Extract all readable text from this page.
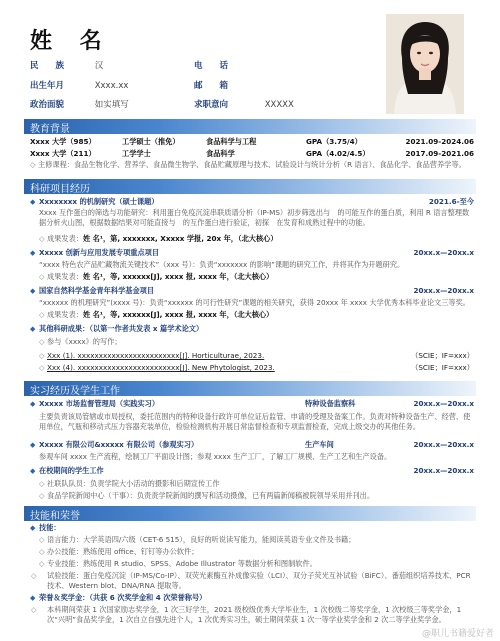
姓 名
民　　族	汉
出生年月	Xxxx.xx
政治面貌	如实填写
电　　话
邮　　箱
求职意向	XXXXX
教育背景
Xxxx 大学（985）	工学硕士（推免）	食品科学与工程	GPA（3.75/4）	2021.09-2024.06
Xxxx 大学（211）	工学学士	食品科学	GPA（4.02/4.5）	2017.09-2021.06
◇ 主修课程：食品生物化学、营养学、食品微生物学、食品贮藏原理与技术、试验设计与统计分析（R 语言）、食品化学、食品营养学等。
科研项目经历
◆ Xxxxxxxx 的机制研究（硕士课题）	2021.6-至今
Xxxx 互作蛋白的筛选与功能研究：利用蛋白免疫沉淀串联质谱分析（IP-MS）初步筛选出与　的可能互作的蛋白质，利用 R 语言整理数据分析火山图，根据数据结果对可能直接与　的互作蛋白进行验证，初探　在发育和成熟过程中的功能。
◇ 成果发表：姓 名¹，第, xxxxxxx, Xxxxx 学报, 20x 年，（北大核心）
◆ Xxxxx 创新与应用发展专项重点项目	20xx.x—20xx.x
“xxxx 特色农产品贮藏物流关键技术”（xxx 号）：负责“xxxxxxx 的影响”课题的研究工作，并将其作为开题研究。
◇ 成果发表：姓 名¹，等, xxxxxx[J], xxxx 报, xxxx 年，（北大核心）
◆ 国家自然科学基金青年科学基金项目	20xx.x—20xx.x
“xxxxxx 的机理研究”(xxxx 号)：负责“xxxxxx 的可行性研究”课题的相关研究，获得 20xxx 年 xxxx 大学优秀本科毕业论文三等奖。
◇ 成果发表：姓 名¹，等, xxxxxx[J], xxxx 报, xxxx 年，（北大核心）
◆ 其他科研成果：（以第一作者共发表 x 篇学术论文）
◇ 参与《xxxx》的写作；
◇ Xxx (1). xxxxxxxxxxxxxxxxxxxxxxxx[J]. Horticulturae, 2023.	（SCIE；IF=xxx）
◇ Xxx (4). xxxxxxxxxxxxxxxxxxxxxxxx[J]. New Phytologist, 2023.	（SCIE；IF=xxx）
实习经历及学生工作
◆ Xxxxx 市场监督管理局（实践实习）	特种设备监察科	20xx.x—20xx.x
主要负责该局管辖或市局授权，委托范围内的特种设备行政许可单位证后监管、申请的受理及备案工作。负责对特种设备生产、经营、使用单位，气瓶和移动式压力容器充装单位，检验检测机构开展日常监督检查和专项监督检查，完成上级交办的其他任务。
◆ Xxxxx 有限公司&xxxxx 有限公司（参观实习）	生产车间	20xx.x—20xx.x
参观车间 xxxx 生产流程，绘制工厂平面设计图；参观 xxxx 生产工厂，了解工厂规模、生产工艺和生产设备。
◆ 在校期间的学生工作	20xx.x—20xx.x
◇ 社联队队员：负责学院大小活动的摄影和后期宣传工作
◇ 食品学院新闻中心（干事）：负责责学院新闻的撰写和活动摄像，已有两篇新闻稿被院领导采用并刊出。
技能和荣誉
◆ 技能：
◇ 语言能力：大学英语四/六级（CET-6 515），良好的听说读写能力，能阅读英语专业文件及书籍；
◇ 办公技能：熟练使用 office、钉钉等办公软件；
◇ 专业技能：熟练使用 R studio、SPSS、Adobe Illustrator 等数据分析和图制软件。
◇ 试验技能：蛋白免疫沉淀（IP-MS/Co-IP）、双荧光素酶互补成像实验（LCI）、双分子荧光互补试验（BiFC）、番茄组织培养技术、PCR 技术、Western blot、DNA/RNA 提取等。
◆ 荣誉＆奖学金：（共获 6 次奖学金和 4 次荣誉称号）
◇ 本科期间荣获 1 次国家励志奖学金，1 次三好学生，2021 级校级优秀大学毕业生，1 次校级二等奖学金，1 次校级三等奖学金，1 次“兴明”食品奖学金，1 次自立自强先进个人，1 次优秀实习生，硕士期间荣获 1 次一等学业奖学金和 2 次二等学业奖学金。
@职儿书籍爱好者
